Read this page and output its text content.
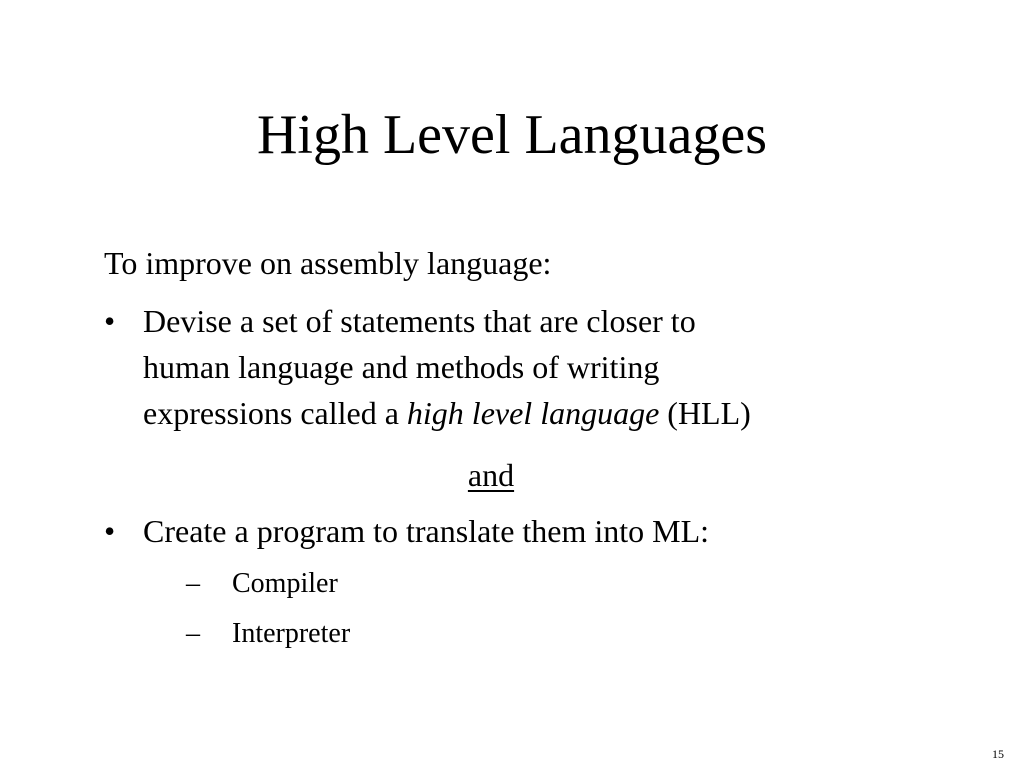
High Level Languages
To improve on assembly language:
• Devise a set of statements that are closer to
human language and methods of writing
expressions called a high level language (HLL)
and
• Create a program to translate them into ML:
– Compiler
– Interpreter
15
